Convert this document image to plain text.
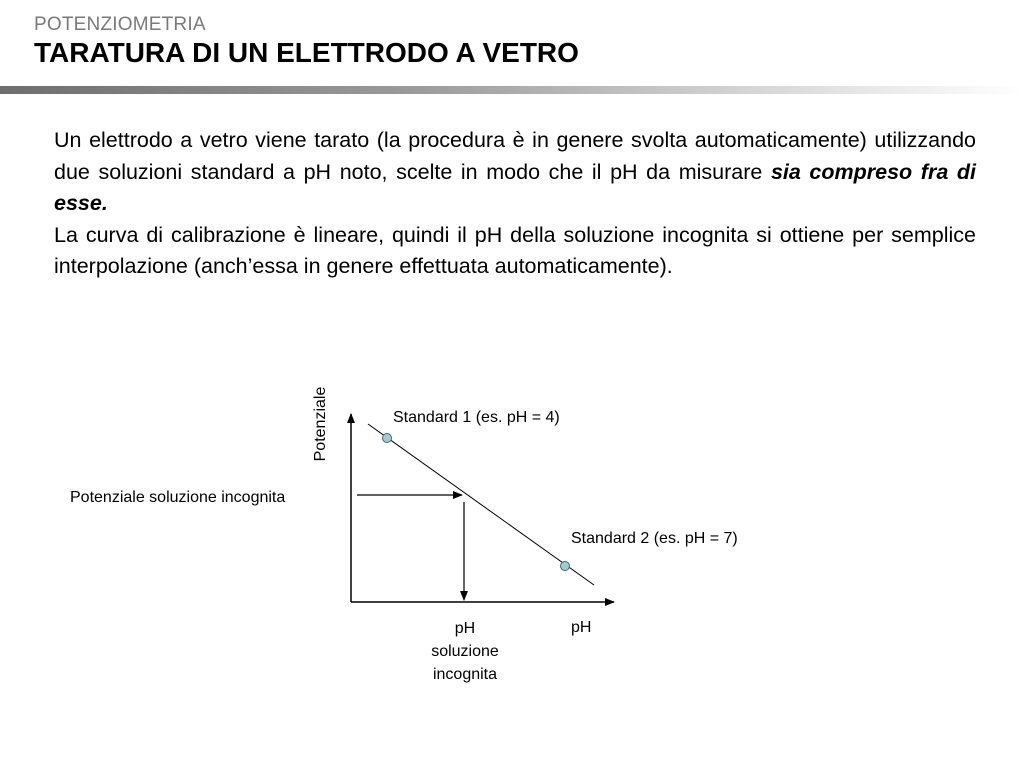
POTENZIOMETRIA
TARATURA DI UN ELETTRODO A VETRO

Un elettrodo a vetro viene tarato (la procedura è in genere svolta automaticamente) utilizzando due soluzioni standard a pH noto, scelte in modo che il pH da misurare sia compreso fra di esse.

La curva di calibrazione è lineare, quindi il pH della soluzione incognita si ottiene per semplice interpolazione (anch’essa in genere effettuata automaticamente).

Potenziale	Standard 1 (es. pH = 4)
Potenziale soluzione incognita
Standard 2 (es. pH = 7)
pH
pH
soluzione
incognita
